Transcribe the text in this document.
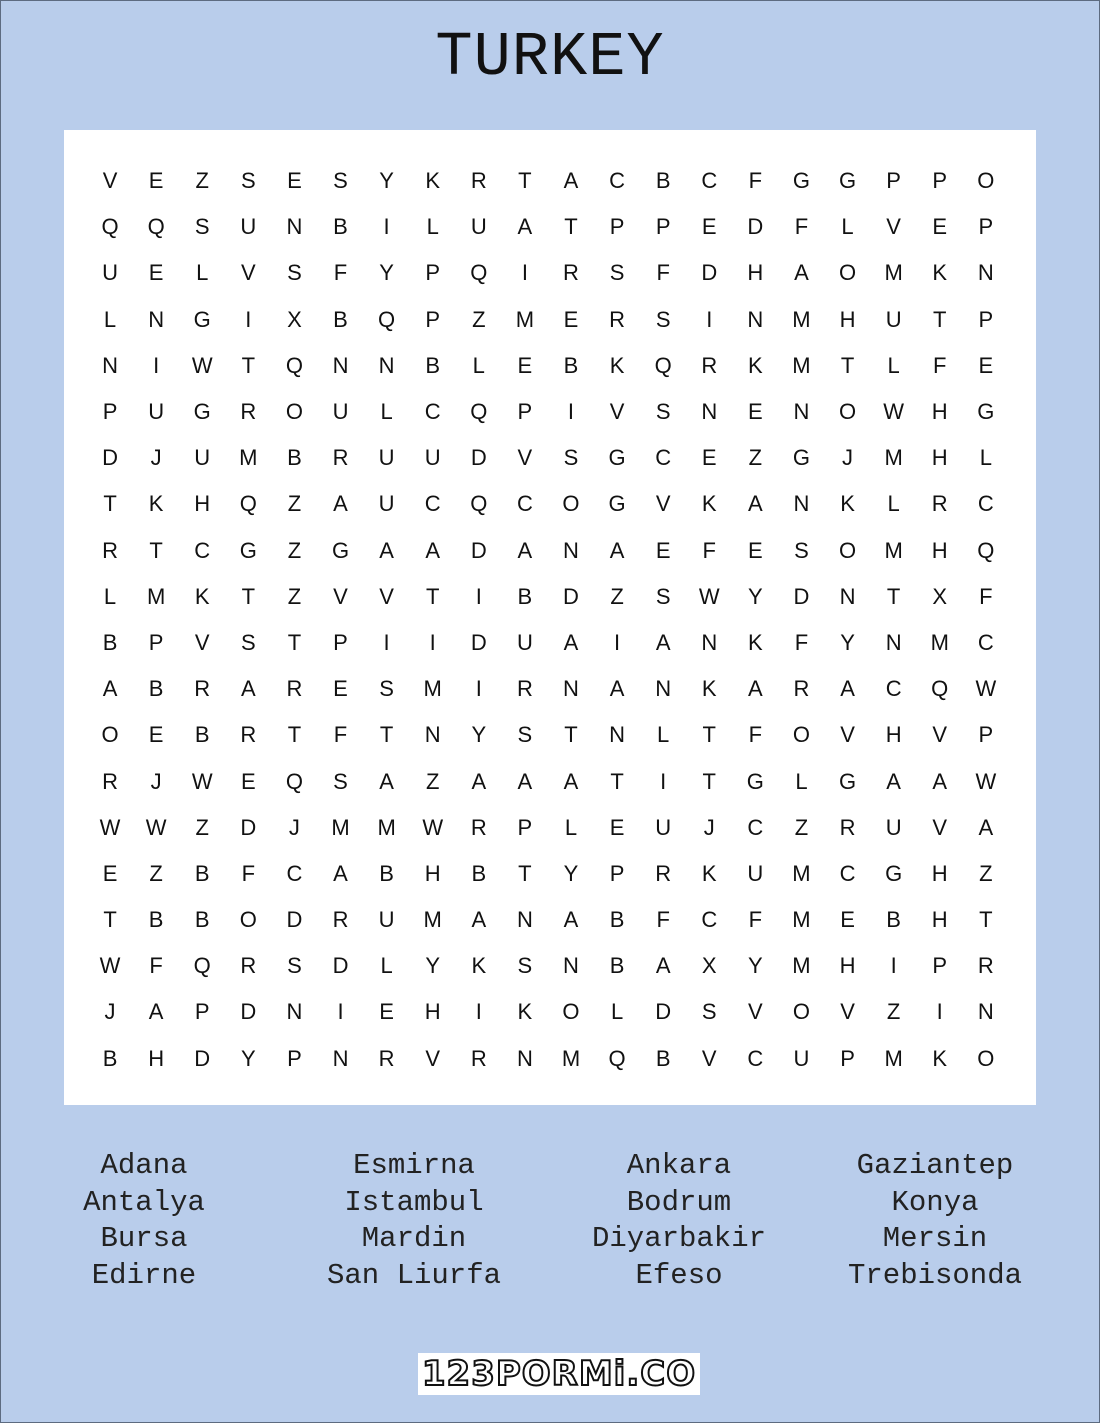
TURKEY
V	E	Z	S	E	S	Y	K	R	T	A	C	B	C	F	G	G	P	P	O
Q	Q	S	U	N	B	I	L	U	A	T	P	P	E	D	F	L	V	E	P
U	E	L	V	S	F	Y	P	Q	I	R	S	F	D	H	A	O	M	K	N
L	N	G	I	X	B	Q	P	Z	M	E	R	S	I	N	M	H	U	T	P
N	I	W	T	Q	N	N	B	L	E	B	K	Q	R	K	M	T	L	F	E
P	U	G	R	O	U	L	C	Q	P	I	V	S	N	E	N	O	W	H	G
D	J	U	M	B	R	U	U	D	V	S	G	C	E	Z	G	J	M	H	L
T	K	H	Q	Z	A	U	C	Q	C	O	G	V	K	A	N	K	L	R	C
R	T	C	G	Z	G	A	A	D	A	N	A	E	F	E	S	O	M	H	Q
L	M	K	T	Z	V	V	T	I	B	D	Z	S	W	Y	D	N	T	X	F
B	P	V	S	T	P	I	I	D	U	A	I	A	N	K	F	Y	N	M	C
A	B	R	A	R	E	S	M	I	R	N	A	N	K	A	R	A	C	Q	W
O	E	B	R	T	F	T	N	Y	S	T	N	L	T	F	O	V	H	V	P
R	J	W	E	Q	S	A	Z	A	A	A	T	I	T	G	L	G	A	A	W
W	W	Z	D	J	M	M	W	R	P	L	E	U	J	C	Z	R	U	V	A
E	Z	B	F	C	A	B	H	B	T	Y	P	R	K	U	M	C	G	H	Z
T	B	B	O	D	R	U	M	A	N	A	B	F	C	F	M	E	B	H	T
W	F	Q	R	S	D	L	Y	K	S	N	B	A	X	Y	M	H	I	P	R
J	A	P	D	N	I	E	H	I	K	O	L	D	S	V	O	V	Z	I	N
B	H	D	Y	P	N	R	V	R	N	M	Q	B	V	C	U	P	M	K	O
Adana
Antalya
Bursa
Edirne
Esmirna
Istambul
Mardin
San Liurfa
Ankara
Bodrum
Diyarbakir
Efeso
Gaziantep
Konya
Mersin
Trebisonda
123PORMi.CO
